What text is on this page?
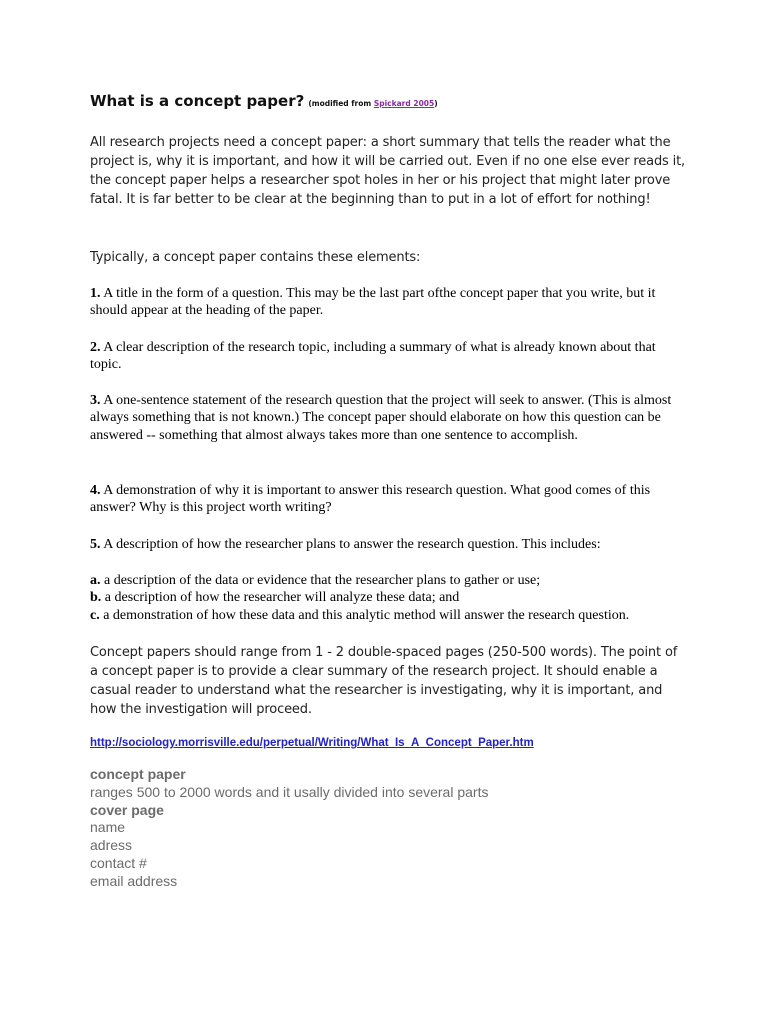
What is a concept paper? (modified from Spickard 2005)
All research projects need a concept paper: a short summary that tells the reader what the project is, why it is important, and how it will be carried out. Even if no one else ever reads it, the concept paper helps a researcher spot holes in her or his project that might later prove fatal. It is far better to be clear at the beginning than to put in a lot of effort for nothing!
Typically, a concept paper contains these elements:
1. A title in the form of a question. This may be the last part ofthe concept paper that you write, but it should appear at the heading of the paper.
2. A clear description of the research topic, including a summary of what is already known about that topic.
3. A one-sentence statement of the research question that the project will seek to answer. (This is almost always something that is not known.) The concept paper should elaborate on how this question can be answered -- something that almost always takes more than one sentence to accomplish.
4. A demonstration of why it is important to answer this research question. What good comes of this answer? Why is this project worth writing?
5. A description of how the researcher plans to answer the research question. This includes:
a. a description of the data or evidence that the researcher plans to gather or use;
b. a description of how the researcher will analyze these data; and
c. a demonstration of how these data and this analytic method will answer the research question.
Concept papers should range from 1 - 2 double-spaced pages (250-500 words). The point of a concept paper is to provide a clear summary of the research project. It should enable a casual reader to understand what the researcher is investigating, why it is important, and how the investigation will proceed.
http://sociology.morrisville.edu/perpetual/Writing/What_Is_A_Concept_Paper.htm
concept paper
ranges 500 to 2000 words and it usally divided into several parts
cover page
name
adress
contact #
email address
